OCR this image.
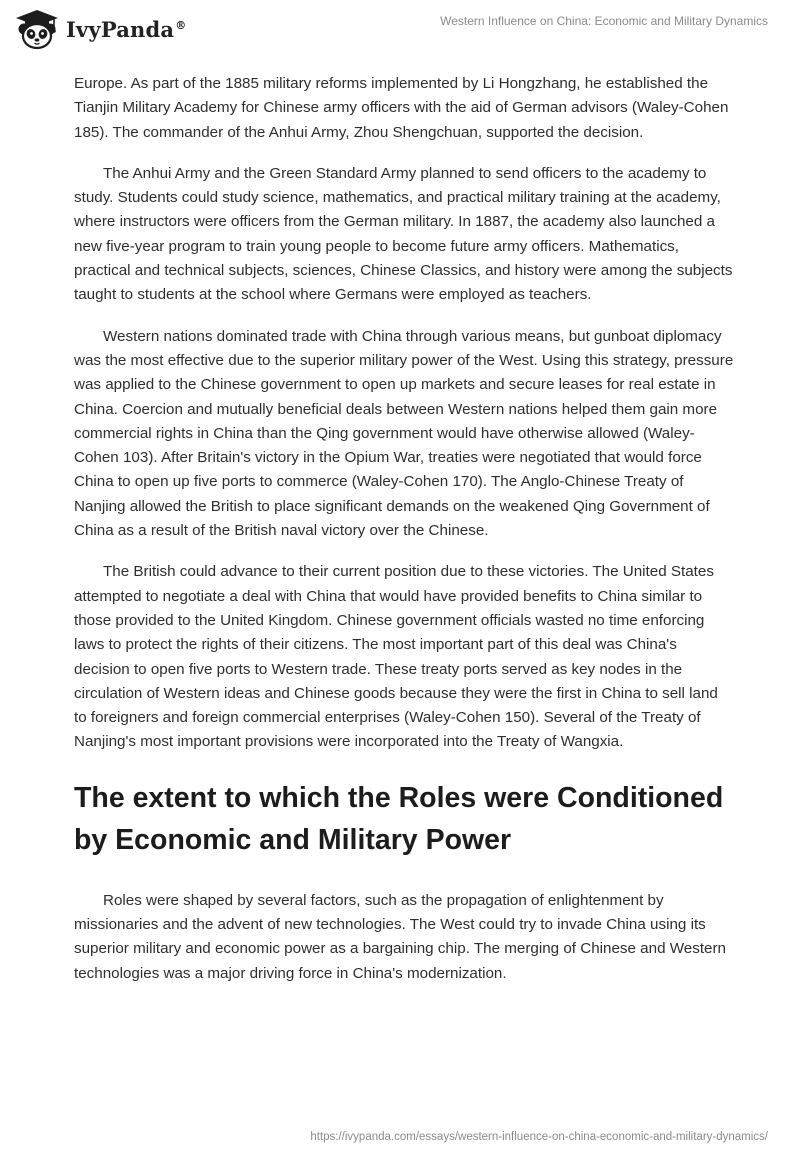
IvyPanda®	Western Influence on China: Economic and Military Dynamics

Europe. As part of the 1885 military reforms implemented by Li Hongzhang, he established the Tianjin Military Academy for Chinese army officers with the aid of German advisors (Waley-Cohen 185). The commander of the Anhui Army, Zhou Shengchuan, supported the decision.

The Anhui Army and the Green Standard Army planned to send officers to the academy to study. Students could study science, mathematics, and practical military training at the academy, where instructors were officers from the German military. In 1887, the academy also launched a new five-year program to train young people to become future army officers. Mathematics, practical and technical subjects, sciences, Chinese Classics, and history were among the subjects taught to students at the school where Germans were employed as teachers.

Western nations dominated trade with China through various means, but gunboat diplomacy was the most effective due to the superior military power of the West. Using this strategy, pressure was applied to the Chinese government to open up markets and secure leases for real estate in China. Coercion and mutually beneficial deals between Western nations helped them gain more commercial rights in China than the Qing government would have otherwise allowed (Waley-Cohen 103). After Britain's victory in the Opium War, treaties were negotiated that would force China to open up five ports to commerce (Waley-Cohen 170). The Anglo-Chinese Treaty of Nanjing allowed the British to place significant demands on the weakened Qing Government of China as a result of the British naval victory over the Chinese.

The British could advance to their current position due to these victories. The United States attempted to negotiate a deal with China that would have provided benefits to China similar to those provided to the United Kingdom. Chinese government officials wasted no time enforcing laws to protect the rights of their citizens. The most important part of this deal was China's decision to open five ports to Western trade. These treaty ports served as key nodes in the circulation of Western ideas and Chinese goods because they were the first in China to sell land to foreigners and foreign commercial enterprises (Waley-Cohen 150). Several of the Treaty of Nanjing's most important provisions were incorporated into the Treaty of Wangxia.

The extent to which the Roles were Conditioned by Economic and Military Power

Roles were shaped by several factors, such as the propagation of enlightenment by missionaries and the advent of new technologies. The West could try to invade China using its superior military and economic power as a bargaining chip. The merging of Chinese and Western technologies was a major driving force in China's modernization.

https://ivypanda.com/essays/western-influence-on-china-economic-and-military-dynamics/
